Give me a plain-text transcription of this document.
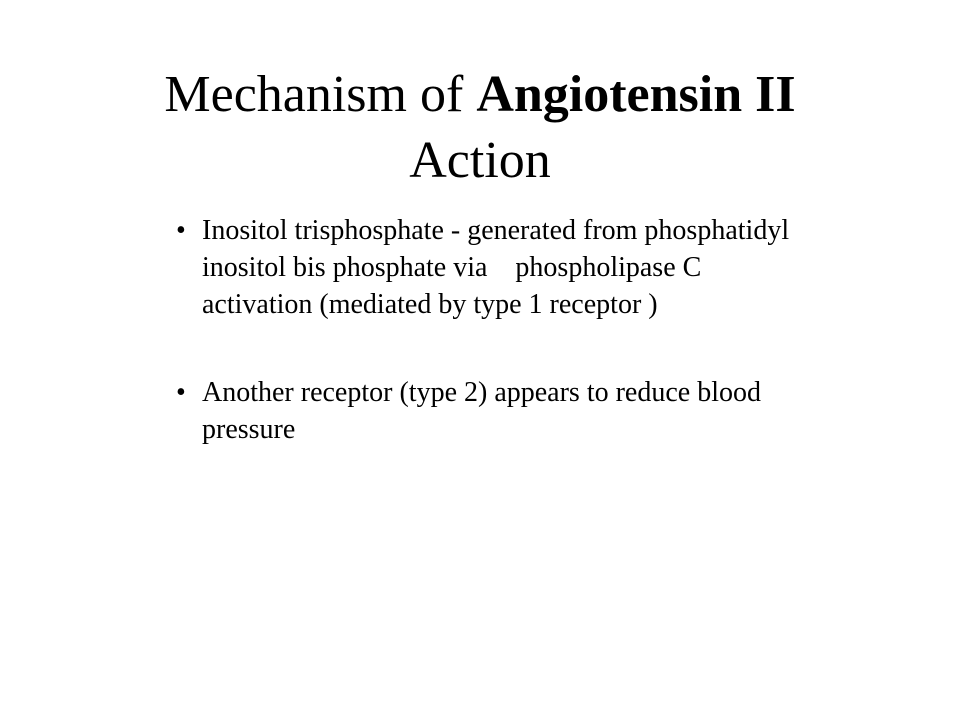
Mechanism of Angiotensin II
Action
• Inositol trisphosphate - generated from phosphatidyl
inositol bis phosphate via    phospholipase C
activation (mediated by type 1 receptor )
• Another receptor (type 2) appears to reduce blood
pressure
